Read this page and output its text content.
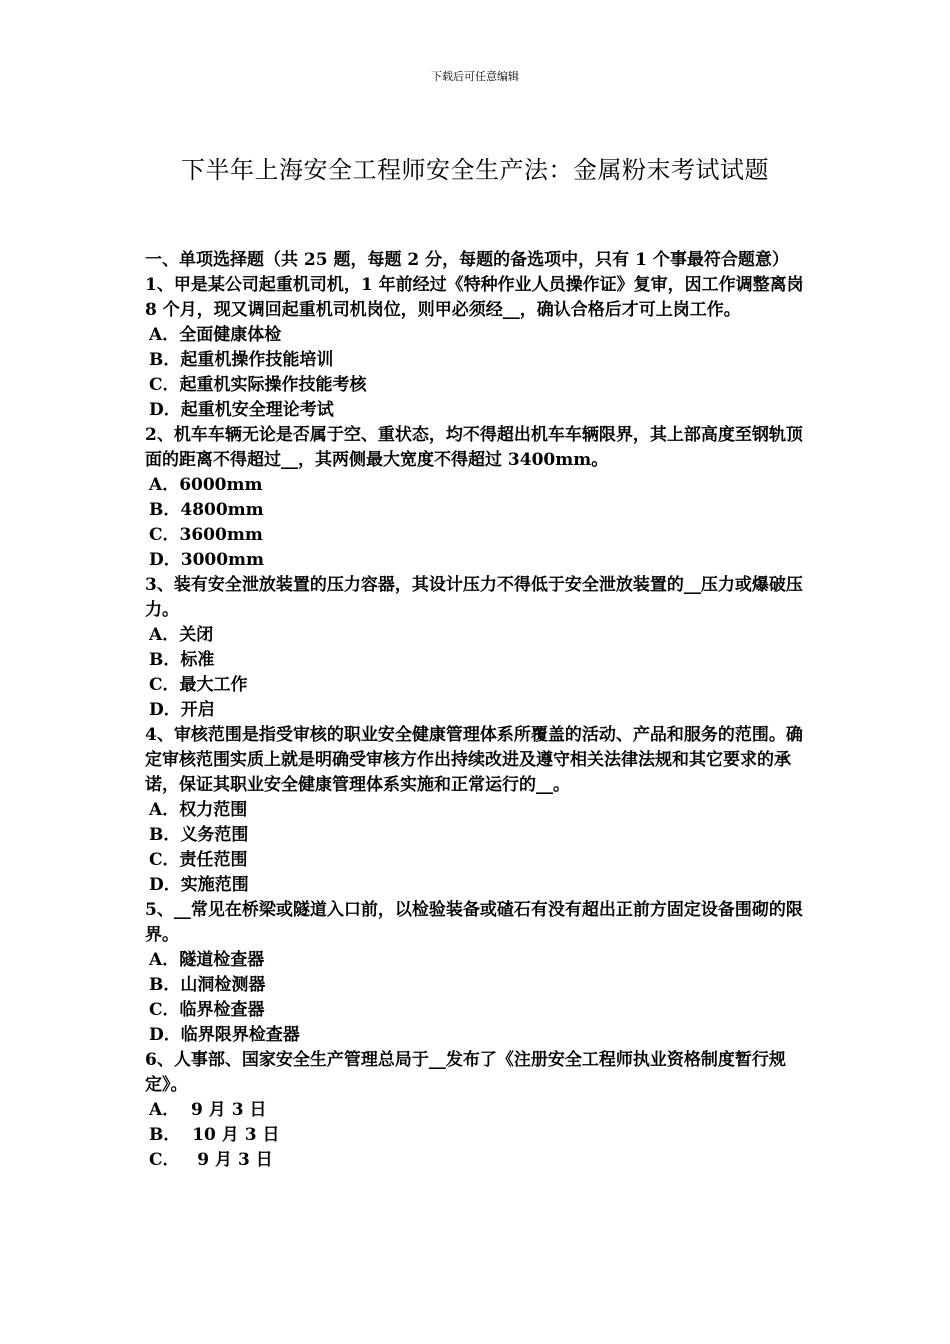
下载后可任意编辑
下半年上海安全工程师安全生产法：金属粉末考试试题

一、单项选择题（共 25 题，每题 2 分，每题的备选项中，只有 1 个事最符合题意）

1、甲是某公司起重机司机，1 年前经过《特种作业人员操作证》复审，因工作调整离岗 8 个月，现又调回起重机司机岗位，则甲必须经__，确认合格后才可上岗工作。

A．全面健康体检

B．起重机操作技能培训

C．起重机实际操作技能考核

D．起重机安全理论考试

2、机车车辆无论是否属于空、重状态，均不得超出机车车辆限界，其上部高度至钢轨顶面的距离不得超过__，其两侧最大宽度不得超过 3400mm。

A．6000mm

B．4800mm

C．3600mm

D．3000mm

3、装有安全泄放装置的压力容器，其设计压力不得低于安全泄放装置的__压力或爆破压力。

A．关闭

B．标准

C．最大工作

D．开启

4、审核范围是指受审核的职业安全健康管理体系所覆盖的活动、产品和服务的范围。确定审核范围实质上就是明确受审核方作出持续改进及遵守相关法律法规和其它要求的承诺，保证其职业安全健康管理体系实施和正常运行的__。

A．权力范围

B．义务范围

C．责任范围

D．实施范围

5、__常见在桥梁或隧道入口前，以检验装备或碴石有没有超出正前方固定设备围砌的限界。

A．隧道检查器

B．山洞检测器

C．临界检查器

D．临界限界检查器

6、人事部、国家安全生产管理总局于__发布了《注册安全工程师执业资格制度暂行规定》。

A．  9 月 3 日

B．  10 月 3 日

C．   9 月 3 日
